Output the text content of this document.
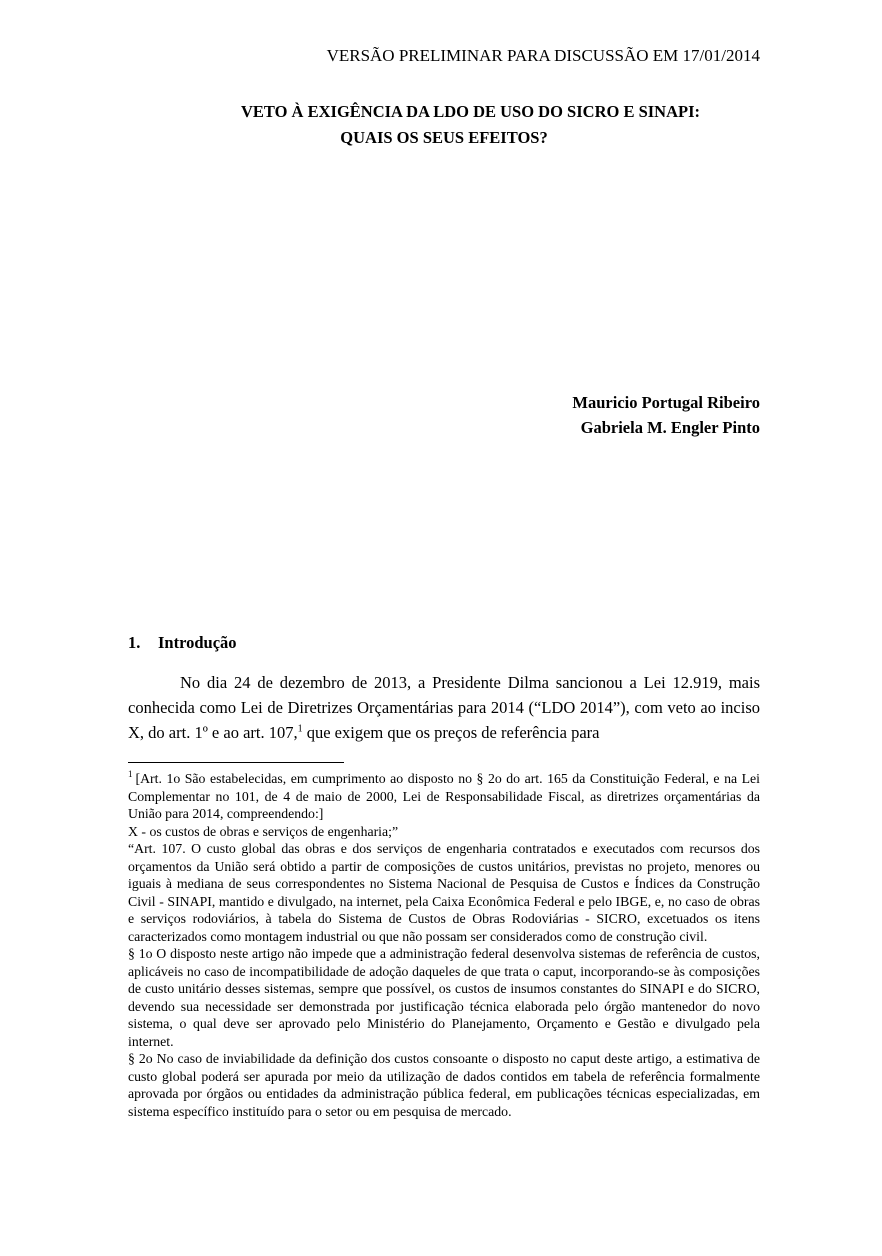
VERSÃO PRELIMINAR PARA DISCUSSÃO EM 17/01/2014
VETO À EXIGÊNCIA DA LDO DE USO DO SICRO E SINAPI:
QUAIS OS SEUS EFEITOS?
Mauricio Portugal Ribeiro
Gabriela M. Engler Pinto
1. Introdução

No dia 24 de dezembro de 2013, a Presidente Dilma sancionou a Lei 12.919, mais conhecida como Lei de Diretrizes Orçamentárias para 2014 (“LDO 2014”), com veto ao inciso X, do art. 1º e ao art. 107,$^1$ que exigem que os preços de referência para

$^1$ [Art. 1o São estabelecidas, em cumprimento ao disposto no § 2o do art. 165 da Constituição Federal, e na Lei Complementar no 101, de 4 de maio de 2000, Lei de Responsabilidade Fiscal, as diretrizes orçamentárias da União para 2014, compreendendo:]

X - os custos de obras e serviços de engenharia;”

“Art. 107. O custo global das obras e dos serviços de engenharia contratados e executados com recursos dos orçamentos da União será obtido a partir de composições de custos unitários, previstas no projeto, menores ou iguais à mediana de seus correspondentes no Sistema Nacional de Pesquisa de Custos e Índices da Construção Civil - SINAPI, mantido e divulgado, na internet, pela Caixa Econômica Federal e pelo IBGE, e, no caso de obras e serviços rodoviários, à tabela do Sistema de Custos de Obras Rodoviárias - SICRO, excetuados os itens caracterizados como montagem industrial ou que não possam ser considerados como de construção civil.

§ 1o O disposto neste artigo não impede que a administração federal desenvolva sistemas de referência de custos, aplicáveis no caso de incompatibilidade de adoção daqueles de que trata o caput, incorporando-se às composições de custo unitário desses sistemas, sempre que possível, os custos de insumos constantes do SINAPI e do SICRO, devendo sua necessidade ser demonstrada por justificação técnica elaborada pelo órgão mantenedor do novo sistema, o qual deve ser aprovado pelo Ministério do Planejamento, Orçamento e Gestão e divulgado pela internet.

§ 2o No caso de inviabilidade da definição dos custos consoante o disposto no caput deste artigo, a estimativa de custo global poderá ser apurada por meio da utilização de dados contidos em tabela de referência formalmente aprovada por órgãos ou entidades da administração pública federal, em publicações técnicas especializadas, em sistema específico instituído para o setor ou em pesquisa de mercado.
